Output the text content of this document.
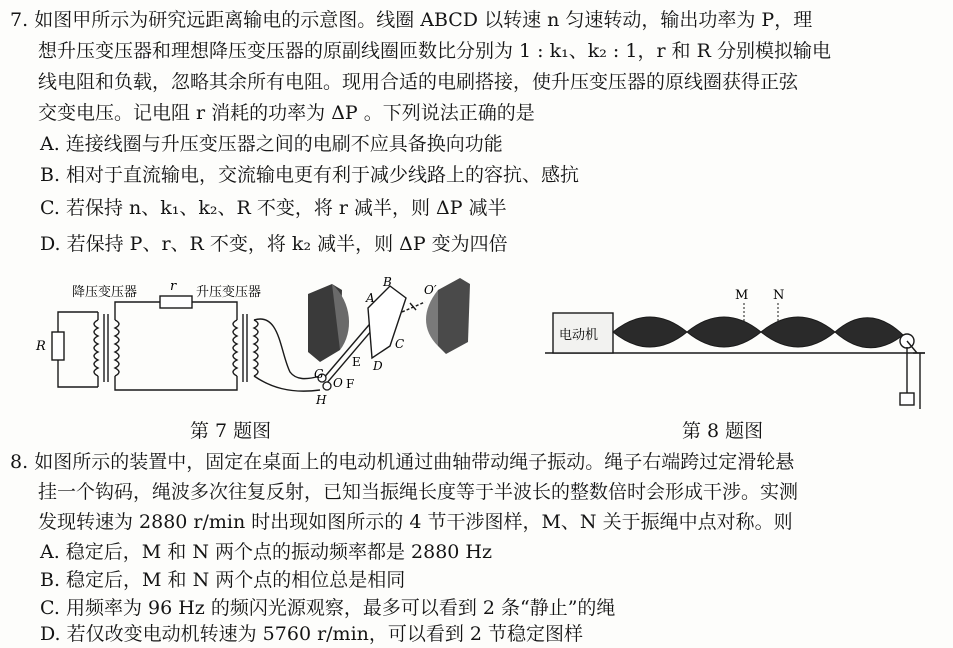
7. 如图甲所示为研究远距离输电的示意图。线圈 ABCD 以转速 n 匀速转动，输出功率为 P，理
想升压变压器和理想降压变压器的原副线圈匝数比分别为 1 : k₁、k₂ : 1，r 和 R 分别模拟输电
线电阻和负载，忽略其余所有电阻。现用合适的电刷搭接，使升压变压器的原线圈获得正弦
交变电压。记电阻 r 消耗的功率为 ΔP 。下列说法正确的是
A. 连接线圈与升压变压器之间的电刷不应具备换向功能
B. 相对于直流输电，交流输电更有利于减少线路上的容抗、感抗
C. 若保持 n、k₁、k₂、R 不变，将 r 减半，则 ΔP 减半
D. 若保持 P、r、R 不变，将 k₂ 减半，则 ΔP 变为四倍
降压变压器	r 升压变压器
R
B
A
C
D
E
F
G
O
H
O′
电动机
M N
第 7 题图	第 8 题图
8. 如图所示的装置中，固定在桌面上的电动机通过曲轴带动绳子振动。绳子右端跨过定滑轮悬
挂一个钩码，绳波多次往复反射，已知当振绳长度等于半波长的整数倍时会形成干涉。实测
发现转速为 2880 r/min 时出现如图所示的 4 节干涉图样，M、N 关于振绳中点对称。则
A. 稳定后，M 和 N 两个点的振动频率都是 2880 Hz
B. 稳定后，M 和 N 两个点的相位总是相同
C. 用频率为 96 Hz 的频闪光源观察，最多可以看到 2 条“静止”的绳
D. 若仅改变电动机转速为 5760 r/min，可以看到 2 节稳定图样
